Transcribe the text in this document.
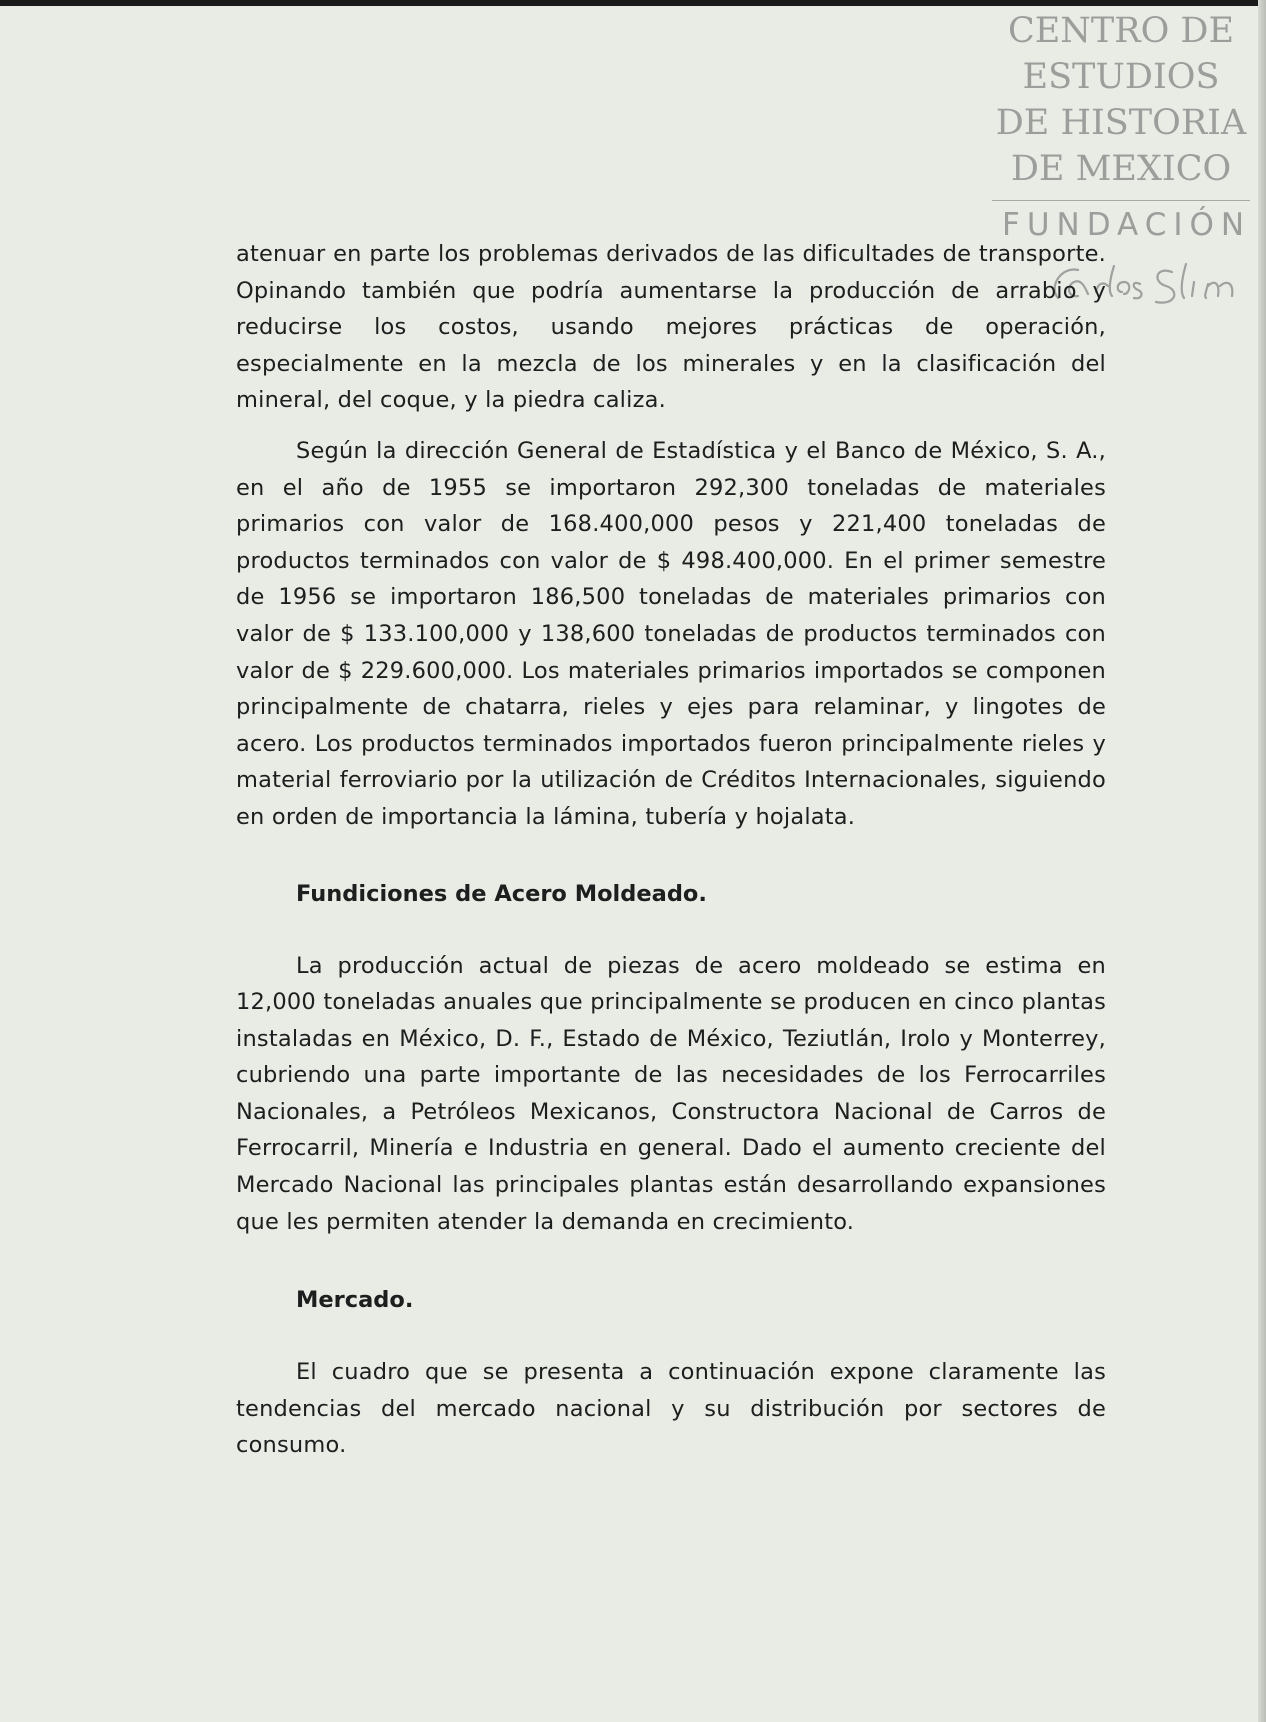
CENTRO DE
ESTUDIOS
DE HISTORIA
DE MEXICO
FUNDACIÓN

atenuar en parte los problemas derivados de las dificultades de transporte. Opinando también que podría aumentarse la producción de arrabio y reducirse los costos, usando mejores prácticas de operación, especialmente en la mezcla de los minerales y en la clasificación del mineral, del coque, y la piedra caliza.

Según la dirección General de Estadística y el Banco de México, S. A., en el año de 1955 se importaron 292,300 toneladas de materiales primarios con valor de 168.400,000 pesos y 221,400 toneladas de productos terminados con valor de $ 498.400,000. En el primer semestre de 1956 se importaron 186,500 toneladas de materiales primarios con valor de $ 133.100,000 y 138,600 toneladas de productos terminados con valor de $ 229.600,000. Los materiales primarios importados se componen principalmente de chatarra, rieles y ejes para relaminar, y lingotes de acero. Los productos terminados importados fueron principalmente rieles y material ferroviario por la utilización de Créditos Internacionales, siguiendo en orden de importancia la lámina, tubería y hojalata.

Fundiciones de Acero Moldeado.

La producción actual de piezas de acero moldeado se estima en 12,000 toneladas anuales que principalmente se producen en cinco plantas instaladas en México, D. F., Estado de México, Teziutlán, Irolo y Monterrey, cubriendo una parte importante de las necesidades de los Ferrocarriles Nacionales, a Petróleos Mexicanos, Constructora Nacional de Carros de Ferrocarril, Minería e Industria en general. Dado el aumento creciente del Mercado Nacional las principales plantas están desarrollando expansiones que les permiten atender la demanda en crecimiento.

Mercado.

El cuadro que se presenta a continuación expone claramente las tendencias del mercado nacional y su distribución por sectores de consumo.
